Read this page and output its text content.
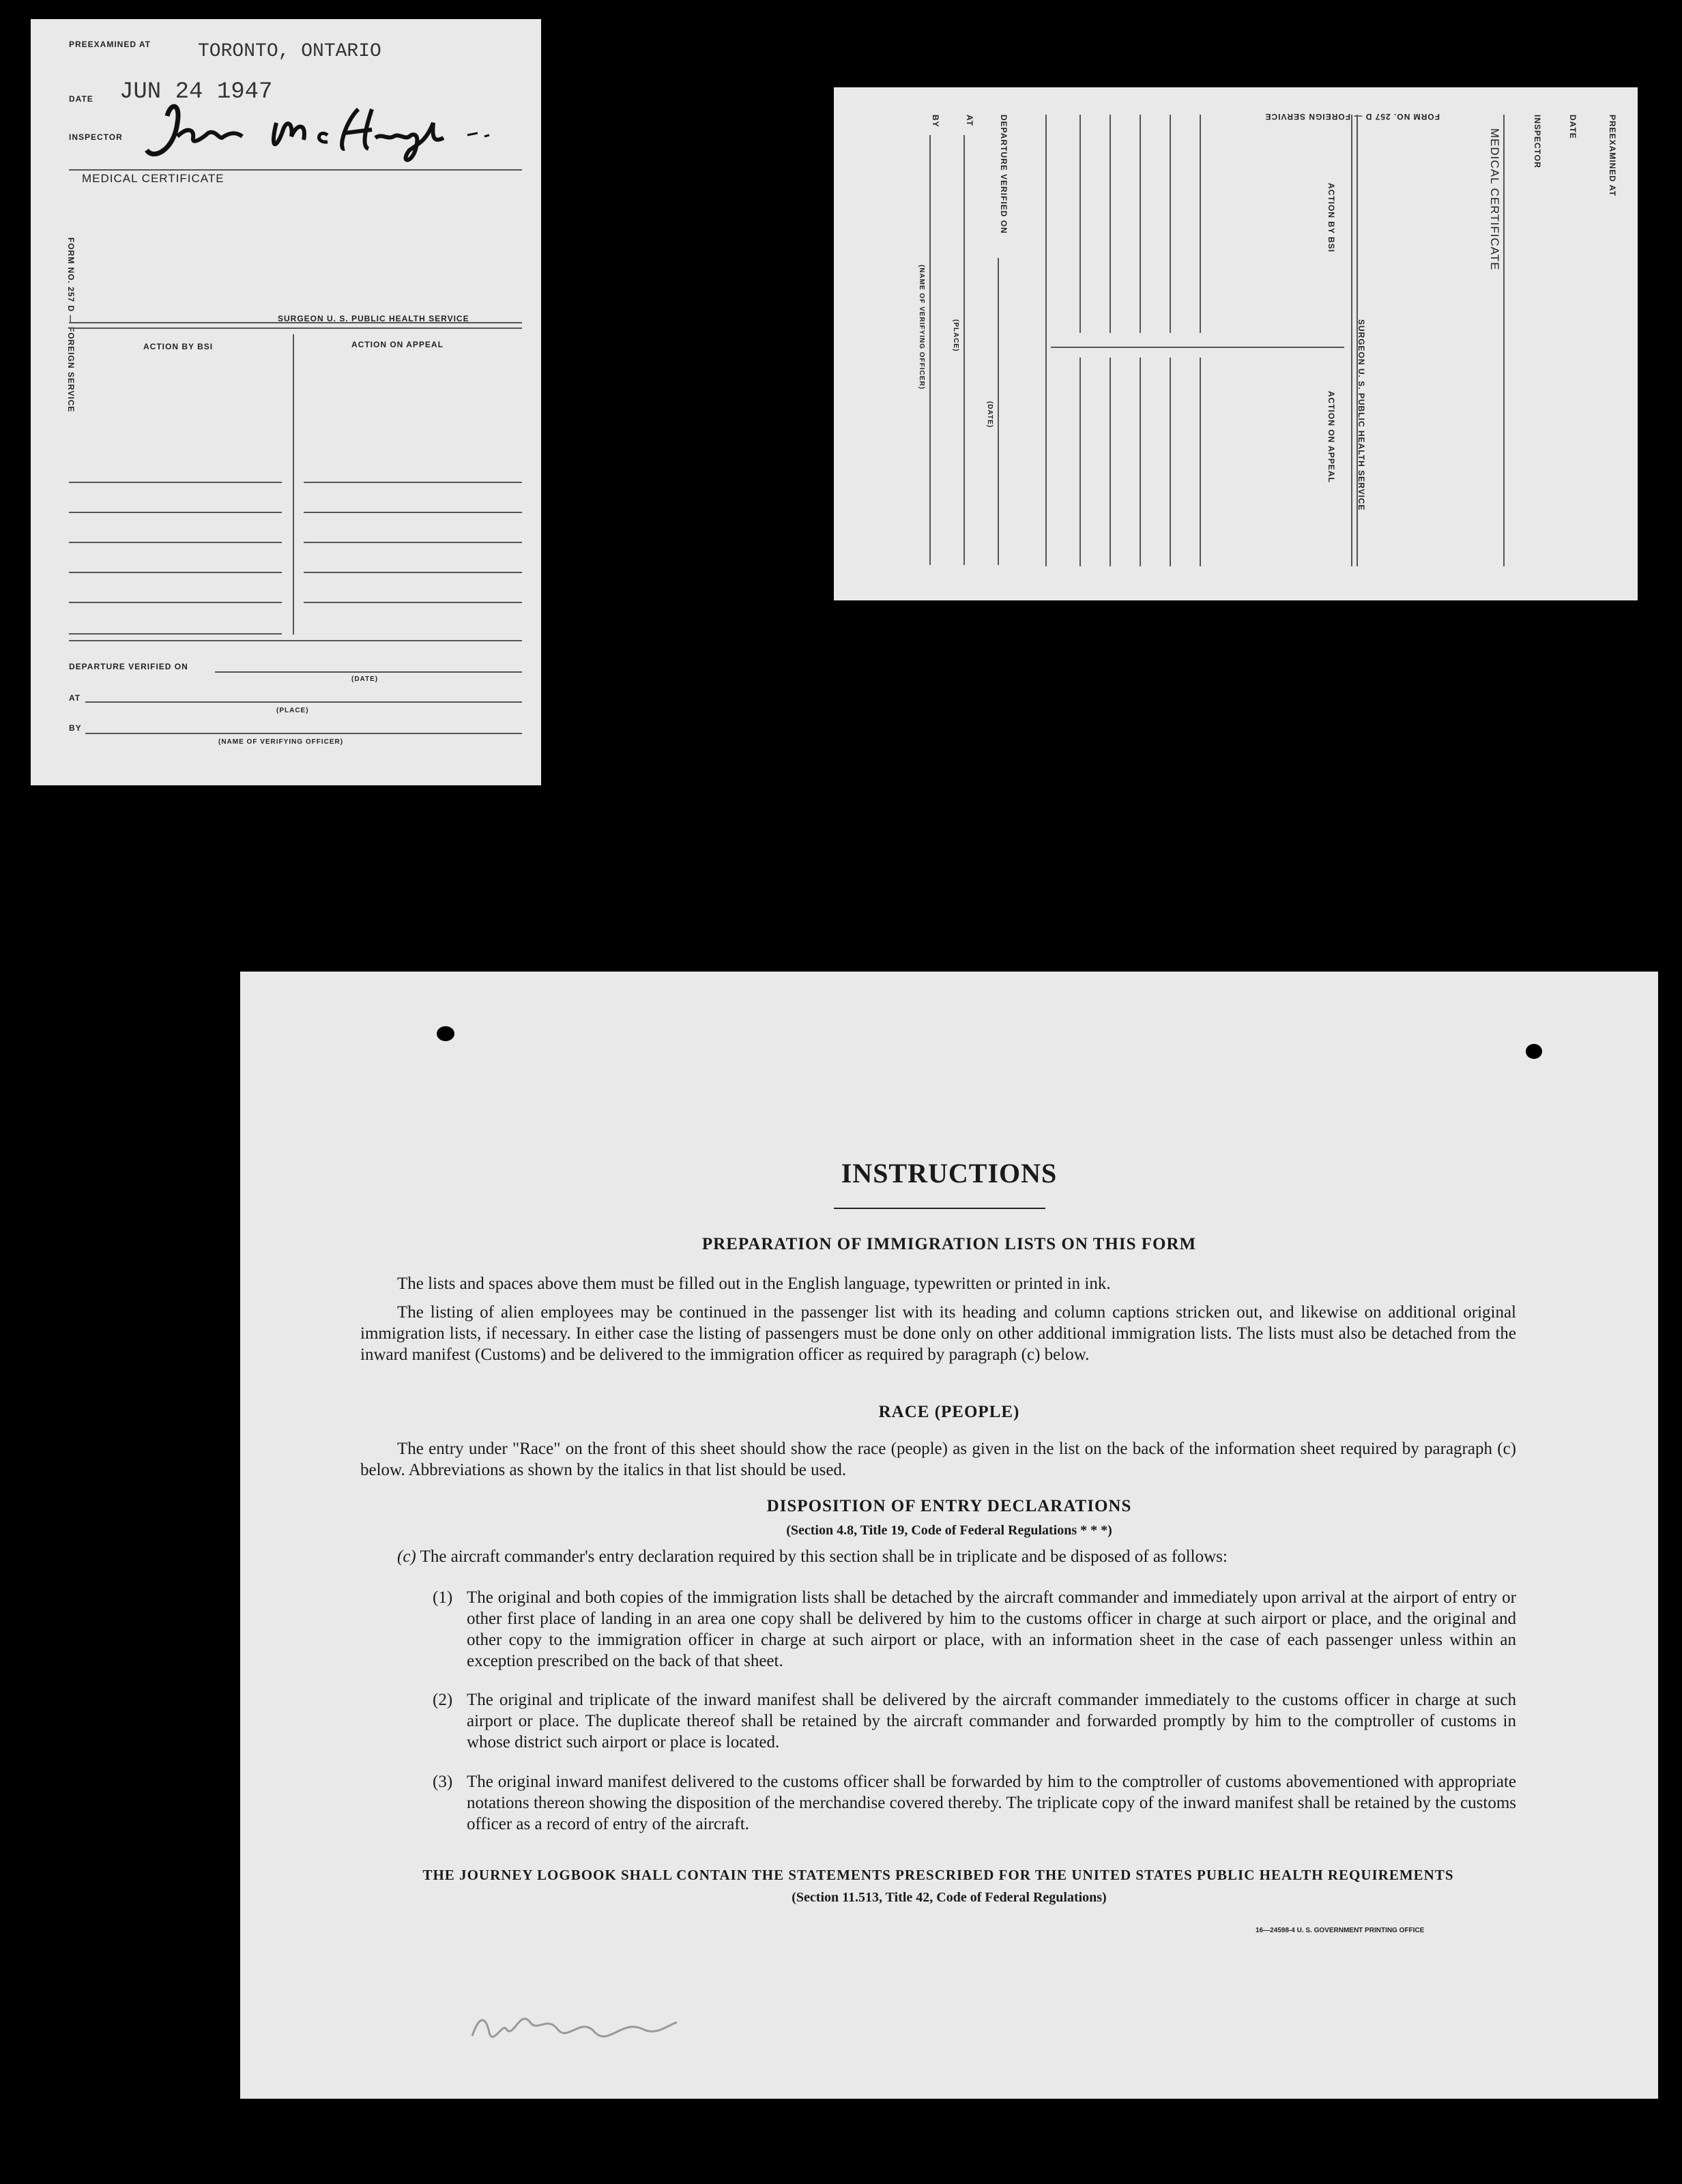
PREEXAMINED AT TORONTO, ONTARIO
DATE JUN 24 1947
INSPECTOR
MEDICAL CERTIFICATE
FORM NO. 257 D — FOREIGN SERVICE	SURGEON U. S. PUBLIC HEALTH SERVICE
ACTION BY BSI	ACTION ON APPEAL
DEPARTURE VERIFIED ON
(DATE)
AT
(PLACE)
BY
(NAME OF VERIFYING OFFICER)
PREEXAMINED AT
DATE
INSPECTOR
MEDICAL CERTIFICATE
FORM NO. 257 D — FOREIGN SERVICE
SURGEON U. S. PUBLIC HEALTH SERVICE
ACTION BY BSI
ACTION ON APPEAL
DEPARTURE VERIFIED ON
(DATE)
AT
(PLACE)
BY
(NAME OF VERIFYING OFFICER)
INSTRUCTIONS
PREPARATION OF IMMIGRATION LISTS ON THIS FORM
The lists and spaces above them must be filled out in the English language, typewritten or printed in ink.
The listing of alien employees may be continued in the passenger list with its heading and column captions stricken out, and likewise on additional original immigration lists, if necessary. In either case the listing of passengers must be done only on other additional immigration lists. The lists must also be detached from the inward manifest (Customs) and be delivered to the immigration officer as required by paragraph (c) below.
RACE (PEOPLE)
The entry under "Race" on the front of this sheet should show the race (people) as given in the list on the back of the information sheet required by paragraph (c) below. Abbreviations as shown by the italics in that list should be used.
DISPOSITION OF ENTRY DECLARATIONS
(Section 4.8, Title 19, Code of Federal Regulations * * *)
(c) The aircraft commander's entry declaration required by this section shall be in triplicate and be disposed of as follows:
(1) The original and both copies of the immigration lists shall be detached by the aircraft commander and immediately upon arrival at the airport of entry or other first place of landing in an area one copy shall be delivered by him to the customs officer in charge at such airport or place, and the original and other copy to the immigration officer in charge at such airport or place, with an information sheet in the case of each passenger unless within an exception prescribed on the back of that sheet.
(2) The original and triplicate of the inward manifest shall be delivered by the aircraft commander immediately to the customs officer in charge at such airport or place. The duplicate thereof shall be retained by the aircraft commander and forwarded promptly by him to the comptroller of customs in whose district such airport or place is located.
(3) The original inward manifest delivered to the customs officer shall be forwarded by him to the comptroller of customs abovementioned with appropriate notations thereon showing the disposition of the merchandise covered thereby. The triplicate copy of the inward manifest shall be retained by the customs officer as a record of entry of the aircraft.
THE JOURNEY LOGBOOK SHALL CONTAIN THE STATEMENTS PRESCRIBED FOR THE UNITED STATES PUBLIC HEALTH REQUIREMENTS
(Section 11.513, Title 42, Code of Federal Regulations)
16—24598-4 U. S. GOVERNMENT PRINTING OFFICE
